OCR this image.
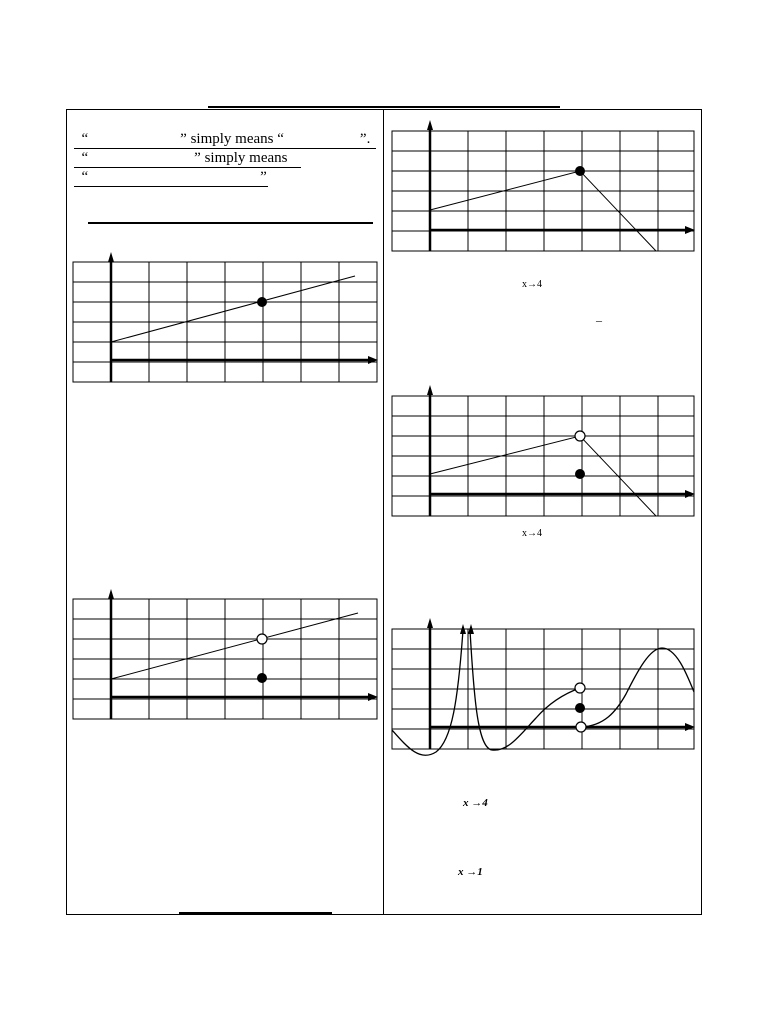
“	” simply means “	”.

“	” simply means

“	”

x→4
–
x→4
x →4
x →1
